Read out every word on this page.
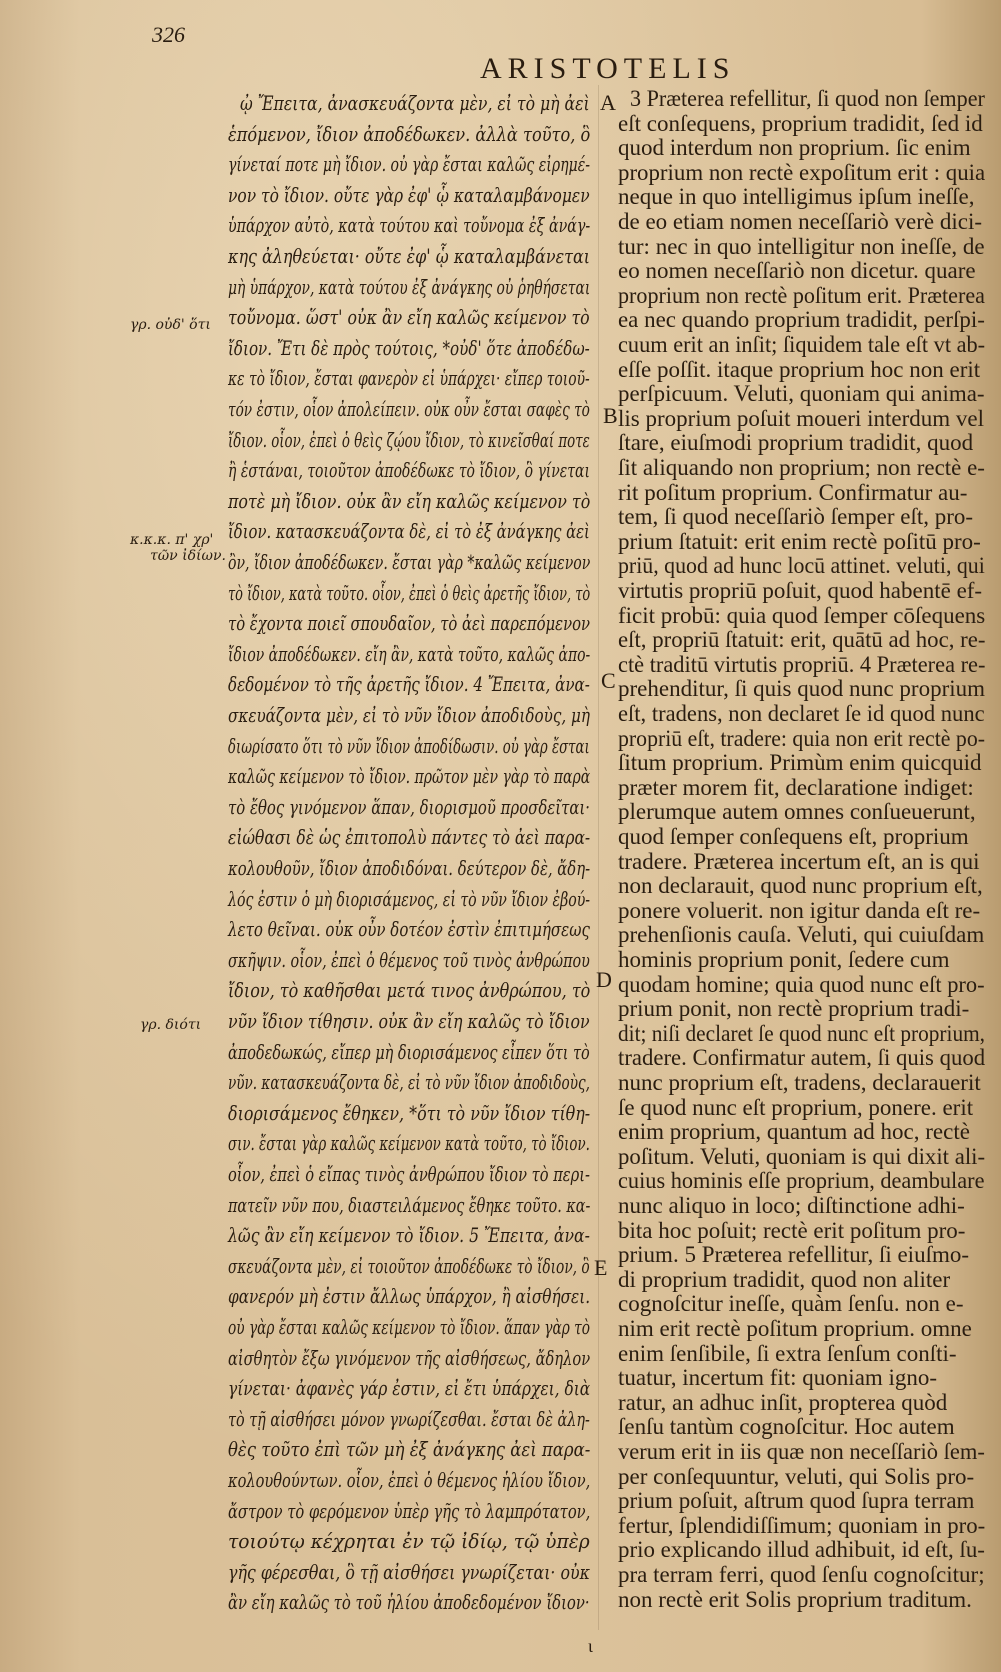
326
ARISTOTELIS
ᾠ Ἔπειτα, ἀνασκευάζοντα μὲν, εἰ τὸ μὴ ἀεὶ
ἑπόμενον, ἴδιον ἀποδέδωκεν. ἀλλὰ τοῦτο, ὃ
γίνεταί ποτε μὴ ἴδιον. οὐ γὰρ ἔσται καλῶς εἰρημέ-
νον τὸ ἴδιον. οὔτε γὰρ ἐφ' ᾧ καταλαμβάνομεν
ὑπάρχον αὐτὸ, κατὰ τούτου καὶ τοὔνομα ἐξ ἀνάγ-
κης ἀληθεύεται· οὔτε ἐφ' ᾧ καταλαμβάνεται
μὴ ὑπάρχον, κατὰ τούτου ἐξ ἀνάγκης οὐ ῥηθήσεται
τοὔνομα. ὥστ' οὐκ ἂν εἴη καλῶς κείμενον τὸ
ἴδιον. Ἔτι δὲ πρὸς τούτοις, *οὐδ' ὅτε ἀποδέδω-
κε τὸ ἴδιον, ἔσται φανερὸν εἰ ὑπάρχει· εἴπερ τοιοῦ-
τόν ἐστιν, οἷον ἀπολείπειν. οὐκ οὖν ἔσται σαφὲς τὸ
ἴδιον. οἷον, ἐπεὶ ὁ θεὶς ζῴου ἴδιον, τὸ κινεῖσθαί ποτε
ἢ ἑστάναι, τοιοῦτον ἀποδέδωκε τὸ ἴδιον, ὃ γίνεται
ποτὲ μὴ ἴδιον. οὐκ ἂν εἴη καλῶς κείμενον τὸ
ἴδιον. κατασκευάζοντα δὲ, εἰ τὸ ἐξ ἀνάγκης ἀεὶ
ὂν, ἴδιον ἀποδέδωκεν. ἔσται γὰρ *καλῶς κείμενον
τὸ ἴδιον, κατὰ τοῦτο. οἷον, ἐπεὶ ὁ θεὶς ἀρετῆς ἴδιον, τὸ
τὸ ἔχοντα ποιεῖ σπουδαῖον, τὸ ἀεὶ παρεπόμενον
ἴδιον ἀποδέδωκεν. εἴη ἂν, κατὰ τοῦτο, καλῶς ἀπο-
δεδομένον τὸ τῆς ἀρετῆς ἴδιον. 4 Ἔπειτα, ἀνα-
σκευάζοντα μὲν, εἰ τὸ νῦν ἴδιον ἀποδιδοὺς, μὴ
διωρίσατο ὅτι τὸ νῦν ἴδιον ἀποδίδωσιν. οὐ γὰρ ἔσται
καλῶς κείμενον τὸ ἴδιον. πρῶτον μὲν γὰρ τὸ παρὰ
τὸ ἔθος γινόμενον ἅπαν, διορισμοῦ προσδεῖται·
εἰώθασι δὲ ὡς ἐπιτοπολὺ πάντες τὸ ἀεὶ παρα-
κολουθοῦν, ἴδιον ἀποδιδόναι. δεύτερον δὲ, ἄδη-
λός ἐστιν ὁ μὴ διορισάμενος, εἰ τὸ νῦν ἴδιον ἐβού-
λετο θεῖναι. οὐκ οὖν δοτέον ἐστὶν ἐπιτιμήσεως
σκῆψιν. οἷον, ἐπεὶ ὁ θέμενος τοῦ τινὸς ἀνθρώπου
ἴδιον, τὸ καθῆσθαι μετά τινος ἀνθρώπου, τὸ
νῦν ἴδιον τίθησιν. οὐκ ἂν εἴη καλῶς τὸ ἴδιον
ἀποδεδωκώς, εἴπερ μὴ διορισάμενος εἶπεν ὅτι τὸ
νῦν. κατασκευάζοντα δὲ, εἰ τὸ νῦν ἴδιον ἀποδιδοὺς,
διορισάμενος ἔθηκεν, *ὅτι τὸ νῦν ἴδιον τίθη-
σιν. ἔσται γὰρ καλῶς κείμενον κατὰ τοῦτο, τὸ ἴδιον.
οἷον, ἐπεὶ ὁ εἴπας τινὸς ἀνθρώπου ἴδιον τὸ περι-
πατεῖν νῦν που, διαστειλάμενος ἔθηκε τοῦτο. κα-
λῶς ἂν εἴη κείμενον τὸ ἴδιον. 5 Ἔπειτα, ἀνα-
σκευάζοντα μὲν, εἰ τοιοῦτον ἀποδέδωκε τὸ ἴδιον, ὃ
φανερόν μὴ ἐστιν ἄλλως ὑπάρχον, ἢ αἰσθήσει.
οὐ γὰρ ἔσται καλῶς κείμενον τὸ ἴδιον. ἅπαν γὰρ τὸ
αἰσθητὸν ἔξω γινόμενον τῆς αἰσθήσεως, ἄδηλον
γίνεται· ἀφανὲς γάρ ἐστιν, εἰ ἔτι ὑπάρχει, διὰ
τὸ τῇ αἰσθήσει μόνον γνωρίζεσθαι. ἔσται δὲ ἀλη-
θὲς τοῦτο ἐπὶ τῶν μὴ ἐξ ἀνάγκης ἀεὶ παρα-
κολουθούντων. οἷον, ἐπεὶ ὁ θέμενος ἡλίου ἴδιον,
ἄστρον τὸ φερόμενον ὑπὲρ γῆς τὸ λαμπρότατον,
τοιούτῳ κέχρηται ἐν τῷ ἰδίῳ, τῷ ὑπὲρ
γῆς φέρεσθαι, ὃ τῇ αἰσθήσει γνωρίζεται· οὐκ
ἂν εἴη καλῶς τὸ τοῦ ἡλίου ἀποδεδομένον ἴδιον·
3 Præterea refellitur, ſi quod non ſemper
eſt conſequens, proprium tradidit, ſed id
quod interdum non proprium. ſic enim
proprium non rectè expoſitum erit : quia
neque in quo intelligimus ipſum ineſſe,
de eo etiam nomen neceſſariò verè dici-
tur: nec in quo intelligitur non ineſſe, de
eo nomen neceſſariò non dicetur. quare
proprium non rectè poſitum erit. Præterea
ea nec quando proprium tradidit, perſpi-
cuum erit an inſit; ſiquidem tale eſt vt ab-
eſſe poſſit. itaque proprium hoc non erit
perſpicuum. Veluti, quoniam qui anima-
lis proprium poſuit moueri interdum vel
ſtare, eiuſmodi proprium tradidit, quod
ſit aliquando non proprium; non rectè e-
rit poſitum proprium. Confirmatur au-
tem, ſi quod neceſſariò ſemper eſt, pro-
prium ſtatuit: erit enim rectè poſitū pro-
priū, quod ad hunc locū attinet. veluti, qui
virtutis propriū poſuit, quod habentē ef-
ficit probū: quia quod ſemper cōſequens
eſt, propriū ſtatuit: erit, quātū ad hoc, re-
ctè traditū virtutis propriū. 4 Præterea re-
prehenditur, ſi quis quod nunc proprium
eſt, tradens, non declaret ſe id quod nunc
propriū eſt, tradere: quia non erit rectè po-
ſitum proprium. Primùm enim quicquid
præter morem fit, declaratione indiget:
plerumque autem omnes conſueuerunt,
quod ſemper conſequens eſt, proprium
tradere. Præterea incertum eſt, an is qui
non declarauit, quod nunc proprium eſt,
ponere voluerit. non igitur danda eſt re-
prehenſionis cauſa. Veluti, qui cuiuſdam
hominis proprium ponit, ſedere cum
quodam homine; quia quod nunc eſt pro-
prium ponit, non rectè proprium tradi-
dit; niſi declaret ſe quod nunc eſt proprium,
tradere. Confirmatur autem, ſi quis quod
nunc proprium eſt, tradens, declarauerit
ſe quod nunc eſt proprium, ponere. erit
enim proprium, quantum ad hoc, rectè
poſitum. Veluti, quoniam is qui dixit ali-
cuius hominis eſſe proprium, deambulare
nunc aliquo in loco; diſtinctione adhi-
bita hoc poſuit; rectè erit poſitum pro-
prium. 5 Præterea refellitur, ſi eiuſmo-
di proprium tradidit, quod non aliter
cognoſcitur ineſſe, quàm ſenſu. non e-
nim erit rectè poſitum proprium. omne
enim ſenſibile, ſi extra ſenſum conſti-
tuatur, incertum fit: quoniam igno-
ratur, an adhuc inſit, propterea quòd
ſenſu tantùm cognoſcitur. Hoc autem
verum erit in iis quæ non neceſſariò ſem-
per conſequuntur, veluti, qui Solis pro-
prium poſuit, aſtrum quod ſupra terram
fertur, ſplendidiſſimum; quoniam in pro-
prio explicando illud adhibuit, id eſt, ſu-
pra terram ferri, quod ſenſu cognoſcitur;
non rectè erit Solis proprium traditum.
γρ. οὐδ' ὅτι
κ.κ.κ. π' χρ'
τῶν ἰδίων.
γρ. διότι
A
B
C
D
E
ι
